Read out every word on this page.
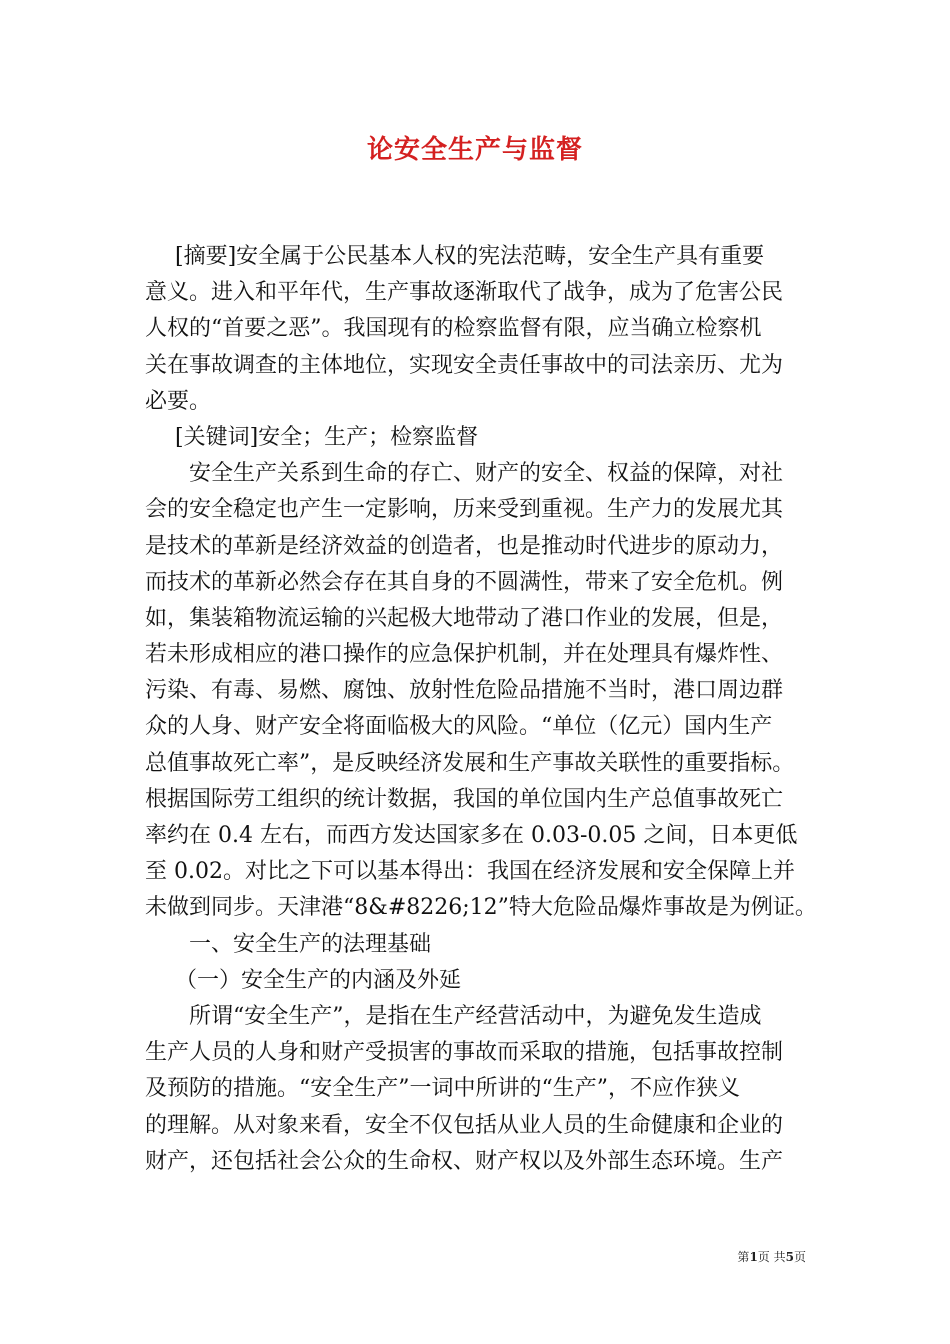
论安全生产与监督
[摘要]安全属于公民基本人权的宪法范畴，安全生产具有重要
意义。进入和平年代，生产事故逐渐取代了战争，成为了危害公民
人权的“首要之恶”。我国现有的检察监督有限，应当确立检察机
关在事故调查的主体地位，实现安全责任事故中的司法亲历、尤为
必要。
[关键词]安全；生产；检察监督
安全生产关系到生命的存亡、财产的安全、权益的保障，对社
会的安全稳定也产生一定影响，历来受到重视。生产力的发展尤其
是技术的革新是经济效益的创造者，也是推动时代进步的原动力，
而技术的革新必然会存在其自身的不圆满性，带来了安全危机。例
如，集装箱物流运输的兴起极大地带动了港口作业的发展，但是，
若未形成相应的港口操作的应急保护机制，并在处理具有爆炸性、
污染、有毒、易燃、腐蚀、放射性危险品措施不当时，港口周边群
众的人身、财产安全将面临极大的风险。“单位（亿元）国内生产
总值事故死亡率”，是反映经济发展和生产事故关联性的重要指标。
根据国际劳工组织的统计数据，我国的单位国内生产总值事故死亡
率约在 0.4 左右，而西方发达国家多在 0.03-0.05 之间，日本更低
至 0.02。对比之下可以基本得出：我国在经济发展和安全保障上并
未做到同步。天津港“8&#8226;12”特大危险品爆炸事故是为例证。
一、安全生产的法理基础
（一）安全生产的内涵及外延
所谓“安全生产”，是指在生产经营活动中，为避免发生造成
生产人员的人身和财产受损害的事故而采取的措施，包括事故控制
及预防的措施。“安全生产”一词中所讲的“生产”，不应作狭义
的理解。从对象来看，安全不仅包括从业人员的生命健康和企业的
财产，还包括社会公众的生命权、财产权以及外部生态环境。生产
第1页 共5页
